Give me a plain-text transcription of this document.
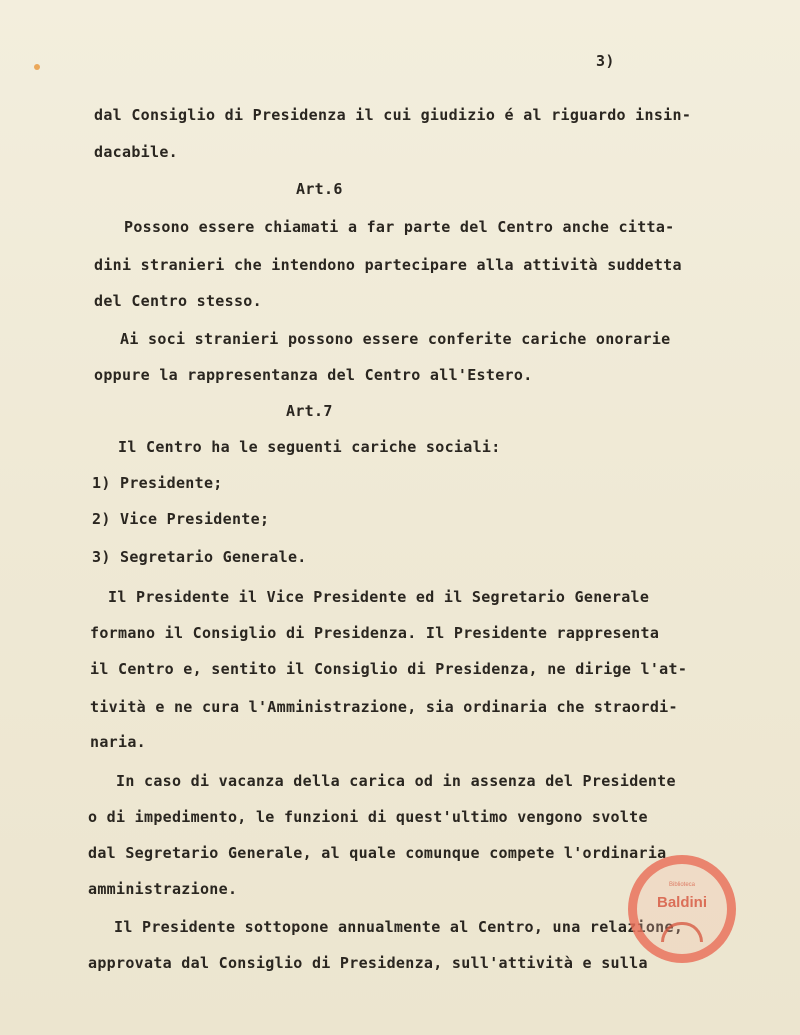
3)
dal Consiglio di Presidenza il cui giudizio é al riguardo insin-
dacabile.
Art.6
Possono essere chiamati a far parte del Centro anche citta-
dini stranieri che intendono partecipare alla attività suddetta
del Centro stesso.
Ai soci stranieri possono essere conferite cariche onorarie
oppure la rappresentanza del Centro all'Estero.
Art.7
Il Centro ha le seguenti cariche sociali:
1) Presidente;
2) Vice Presidente;
3) Segretario Generale.
Il Presidente il Vice Presidente ed il Segretario Generale
formano il Consiglio di Presidenza. Il Presidente rappresenta
il Centro e, sentito il Consiglio di Presidenza, ne dirige l'at-
tività e ne cura l'Amministrazione, sia ordinaria che straordi-
naria.
In caso di vacanza della carica od in assenza del Presidente
o di impedimento, le funzioni di quest'ultimo vengono svolte
dal Segretario Generale, al quale comunque compete l'ordinaria
amministrazione.
Il Presidente sottopone annualmente al Centro, una relazione,
approvata dal Consiglio di Presidenza, sull'attività e sulla
Biblioteca
Baldini
